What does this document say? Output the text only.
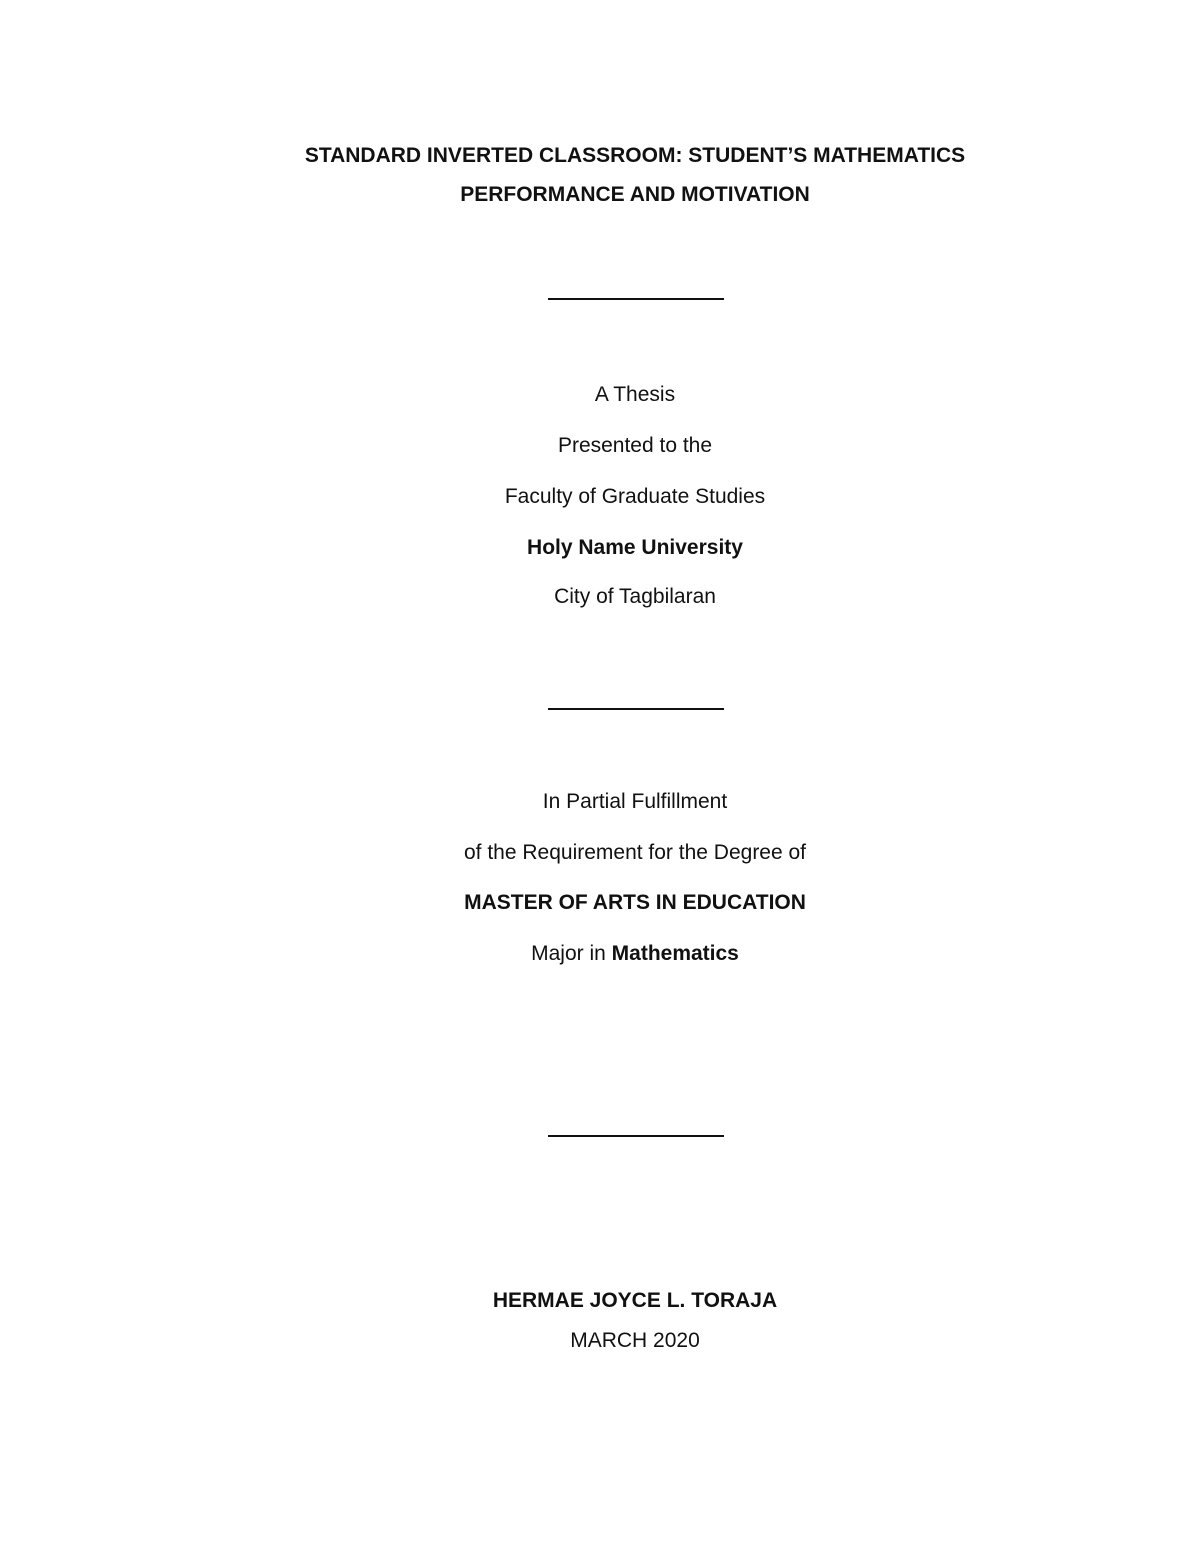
STANDARD INVERTED CLASSROOM: STUDENT’S MATHEMATICS
PERFORMANCE AND MOTIVATION
A Thesis
Presented to the
Faculty of Graduate Studies
Holy Name University
City of Tagbilaran
In Partial Fulfillment
of the Requirement for the Degree of
MASTER OF ARTS IN EDUCATION
Major in Mathematics
HERMAE JOYCE L. TORAJA
MARCH 2020
